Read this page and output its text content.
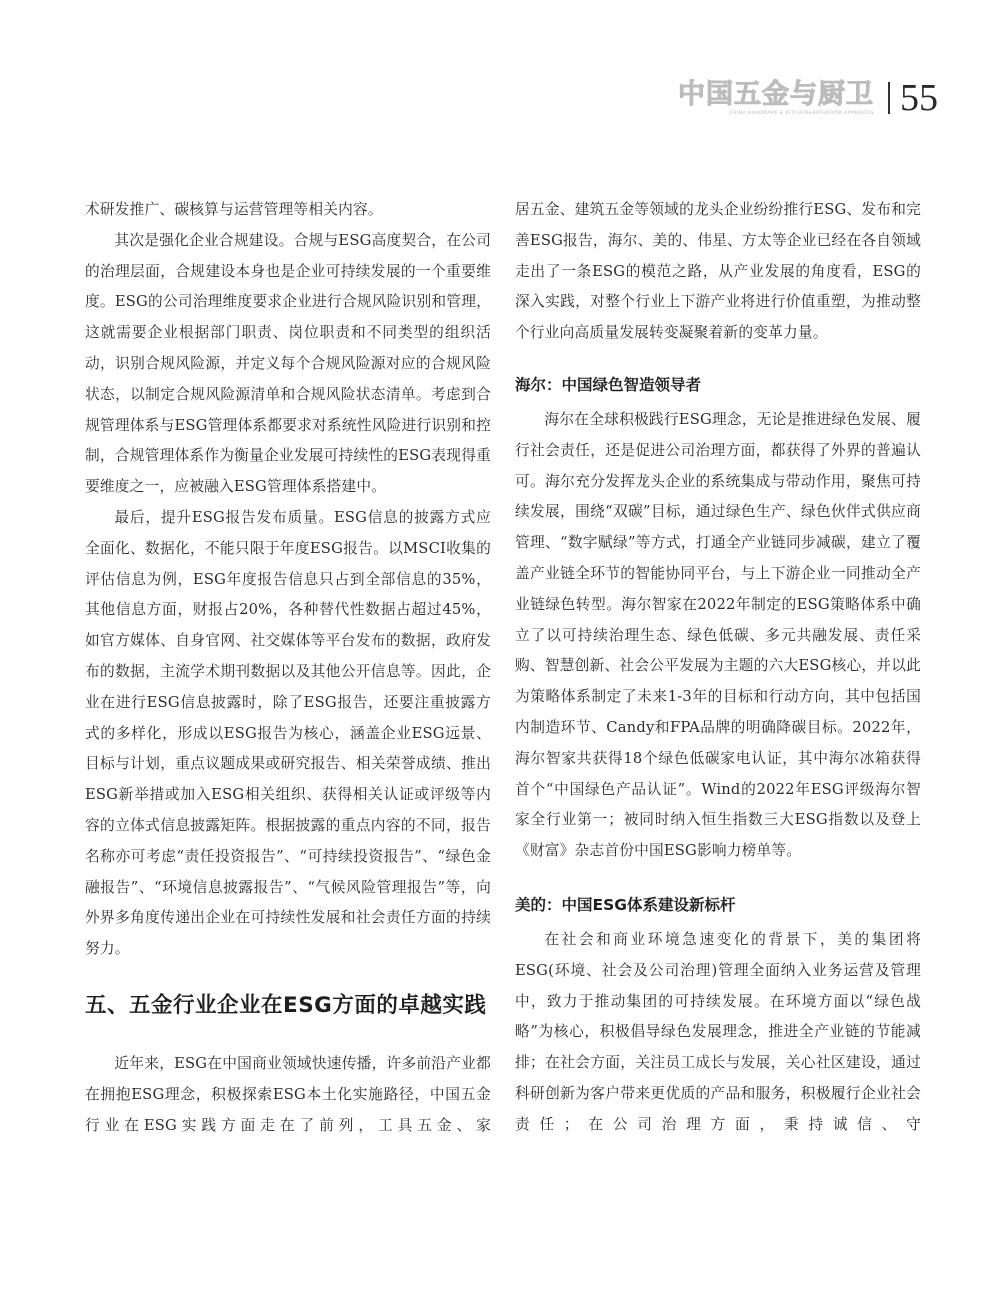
中国五金与厨卫
CHINA HARDWARE & KITCHEN&BATHROOM APPARATUS 55

术研发推广、碳核算与运营管理等相关内容。

其次是强化企业合规建设。合规与ESG高度契合，在公司的治理层面，合规建设本身也是企业可持续发展的一个重要维度。ESG的公司治理维度要求企业进行合规风险识别和管理，这就需要企业根据部门职责、岗位职责和不同类型的组织活动，识别合规风险源，并定义每个合规风险源对应的合规风险状态，以制定合规风险源清单和合规风险状态清单。考虑到合规管理体系与ESG管理体系都要求对系统性风险进行识别和控制，合规管理体系作为衡量企业发展可持续性的ESG表现得重要维度之一，应被融入ESG管理体系搭建中。

最后，提升ESG报告发布质量。ESG信息的披露方式应全面化、数据化，不能只限于年度ESG报告。以MSCI收集的评估信息为例，ESG年度报告信息只占到全部信息的35%，其他信息方面，财报占20%，各种替代性数据占超过45%，如官方媒体、自身官网、社交媒体等平台发布的数据，政府发布的数据，主流学术期刊数据以及其他公开信息等。因此，企业在进行ESG信息披露时，除了ESG报告，还要注重披露方式的多样化，形成以ESG报告为核心，涵盖企业ESG远景、目标与计划，重点议题成果或研究报告、相关荣誉成绩、推出ESG新举措或加入ESG相关组织、获得相关认证或评级等内容的立体式信息披露矩阵。根据披露的重点内容的不同，报告名称亦可考虑“责任投资报告”、“可持续投资报告”、“绿色金融报告”、“环境信息披露报告”、“气候风险管理报告”等，向外界多角度传递出企业在可持续性发展和社会责任方面的持续努力。

五、五金行业企业在ESG方面的卓越实践

近年来，ESG在中国商业领域快速传播，许多前沿产业都在拥抱ESG理念，积极探索ESG本土化实施路径，中国五金行业在ESG实践方面走在了前列，工具五金、家

居五金、建筑五金等领域的龙头企业纷纷推行ESG、发布和完善ESG报告，海尔、美的、伟星、方太等企业已经在各自领域走出了一条ESG的模范之路，从产业发展的角度看，ESG的深入实践，对整个行业上下游产业将进行价值重塑，为推动整个行业向高质量发展转变凝聚着新的变革力量。

海尔：中国绿色智造领导者

海尔在全球积极践行ESG理念，无论是推进绿色发展、履行社会责任，还是促进公司治理方面，都获得了外界的普遍认可。海尔充分发挥龙头企业的系统集成与带动作用，聚焦可持续发展，围绕“双碳”目标，通过绿色生产、绿色伙伴式供应商管理、“数字赋绿”等方式，打通全产业链同步减碳，建立了覆盖产业链全环节的智能协同平台，与上下游企业一同推动全产业链绿色转型。海尔智家在2022年制定的ESG策略体系中确立了以可持续治理生态、绿色低碳、多元共融发展、责任采购、智慧创新、社会公平发展为主题的六大ESG核心，并以此为策略体系制定了未来1-3年的目标和行动方向，其中包括国内制造环节、Candy和FPA品牌的明确降碳目标。2022年，海尔智家共获得18个绿色低碳家电认证，其中海尔冰箱获得首个“中国绿色产品认证”。Wind的2022年ESG评级海尔智家全行业第一；被同时纳入恒生指数三大ESG指数以及登上《财富》杂志首份中国ESG影响力榜单等。

美的：中国ESG体系建设新标杆

在社会和商业环境急速变化的背景下，美的集团将ESG(环境、社会及公司治理)管理全面纳入业务运营及管理中，致力于推动集团的可持续发展。在环境方面以“绿色战略”为核心，积极倡导绿色发展理念，推进全产业链的节能减排；在社会方面，关注员工成长与发展，关心社区建设，通过科研创新为客户带来更优质的产品和服务，积极履行企业社会责任；在公司治理方面，秉持诚信、守
